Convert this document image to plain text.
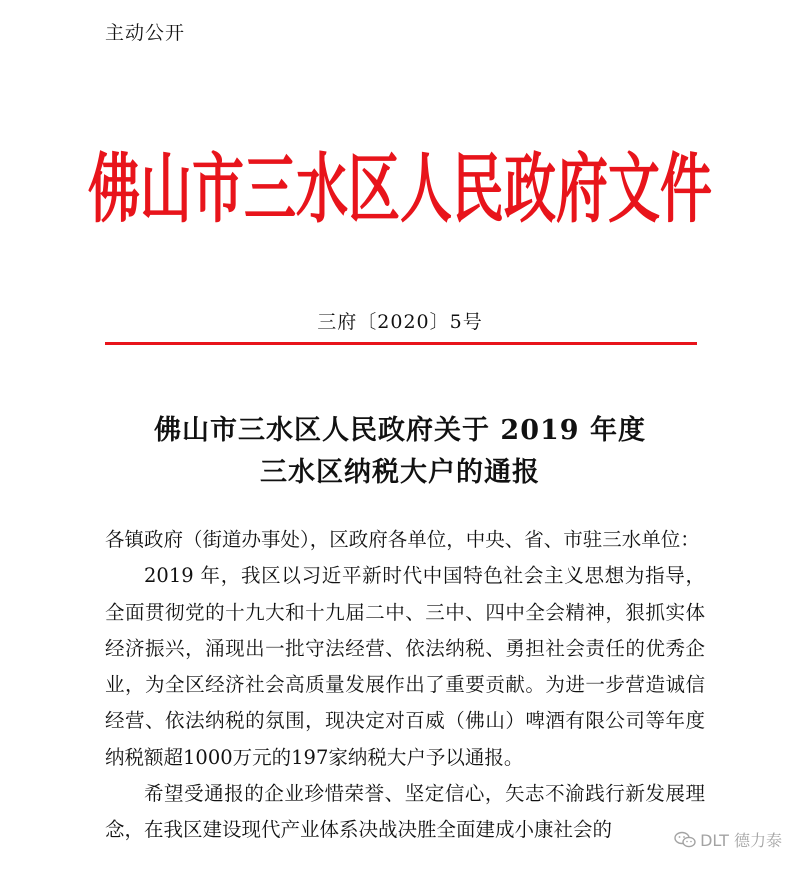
主动公开
佛山市三水区人民政府文件
三府〔2020〕5号
佛山市三水区人民政府关于 2019 年度
三水区纳税大户的通报

各镇政府（街道办事处），区政府各单位，中央、省、市驻三水单位：

2019 年，我区以习近平新时代中国特色社会主义思想为指导，全面贯彻党的十九大和十九届二中、三中、四中全会精神，狠抓实体经济振兴，涌现出一批守法经营、依法纳税、勇担社会责任的优秀企业，为全区经济社会高质量发展作出了重要贡献。为进一步营造诚信经营、依法纳税的氛围，现决定对百威（佛山）啤酒有限公司等年度纳税额超1000万元的197家纳税大户予以通报。

希望受通报的企业珍惜荣誉、坚定信心，矢志不渝践行新发展理念，在我区建设现代产业体系决战决胜全面建成小康社会的	DLT 德力泰
